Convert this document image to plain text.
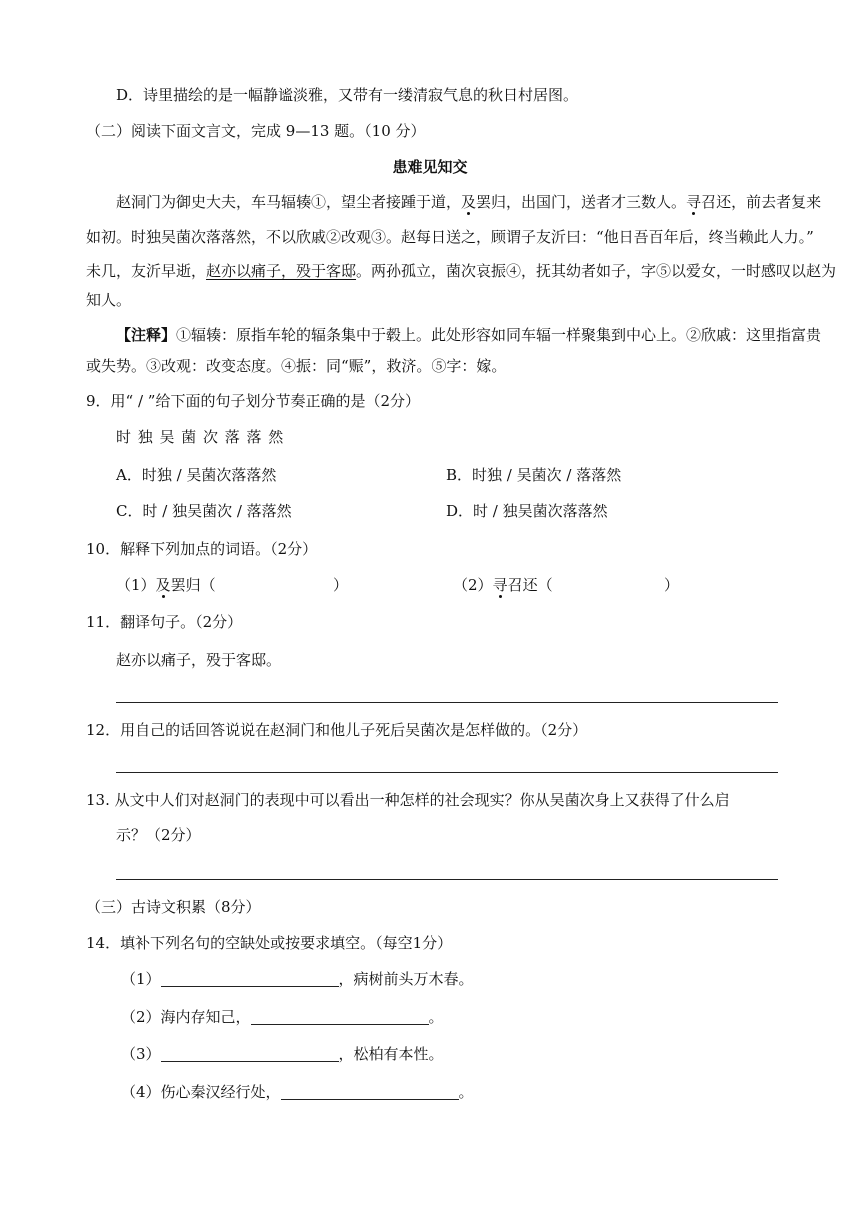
D．诗里描绘的是一幅静谧淡雅，又带有一缕清寂气息的秋日村居图。
（二）阅读下面文言文，完成 9—13 题。（10 分）
患难见知交
赵洞门为御史大夫，车马辐辏①，望尘者接踵于道，及罢归，出国门，送者才三数人。寻召还，前去者复来
如初。时独吴菌次落落然，不以欣戚②改观③。赵每日送之，顾谓子友沂曰：“他日吾百年后，终当赖此人力。”
未几，友沂早逝，赵亦以痛子，殁于客邸。两孙孤立，菌次哀振④，抚其幼者如子，字⑤以爱女，一时感叹以赵为
知人。
【注释】①辐辏：原指车轮的辐条集中于毂上。此处形容如同车辐一样聚集到中心上。②欣戚：这里指富贵
或失势。③改观：改变态度。④振：同“赈”，救济。⑤字：嫁。
9．用“ / ”给下面的句子划分节奏正确的是（2分）
时独吴菌次落落然
A．时独 / 吴菌次落落然	B．时独 / 吴菌次 / 落落然
C．时 / 独吴菌次 / 落落然	D．时 / 独吴菌次落落然
10．解释下列加点的词语。（2分）
（1）及罢归（	）	（2）寻召还（	）
11．翻译句子。（2分）
赵亦以痛子，殁于客邸。
12．用自己的话回答说说在赵洞门和他儿子死后吴菌次是怎样做的。（2分）
13. 从文中人们对赵洞门的表现中可以看出一种怎样的社会现实？你从吴菌次身上又获得了什么启
示？（2分）
（三）古诗文积累（8分）
14．填补下列名句的空缺处或按要求填空。（每空1分）
（1）	，病树前头万木春。
（2）海内存知己，	。
（3）	，松柏有本性。
（4）伤心秦汉经行处，	。
